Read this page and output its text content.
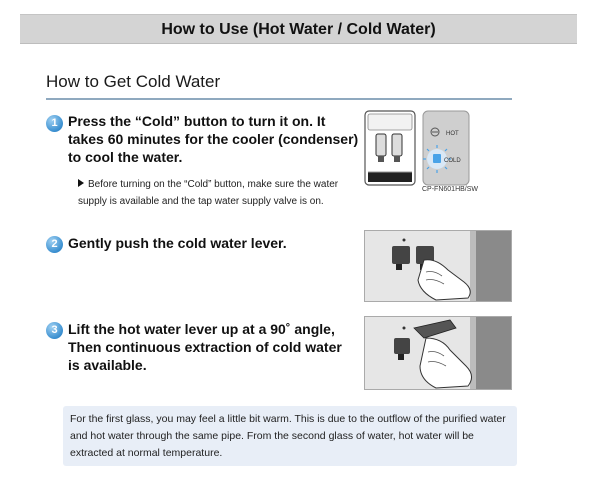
How to Use (Hot Water / Cold Water)
How to Get Cold Water
1 Press the “Cold” button to turn it on. It
takes 60 minutes for the cooler (condenser)
to cool the water.
Before turning on the “Cold” button, make sure the water supply is available and the tap water supply valve is on.
HOT
COLD
CP-FN601HB/SW
2 Gently push the cold water lever.
3 Lift the hot water lever up at a 90˚ angle,
Then continuous extraction of cold water
is available.
For the first glass, you may feel a little bit warm. This is due to the outflow of the purified water and hot water through the same pipe. From the second glass of water, hot water will be extracted at normal temperature.
